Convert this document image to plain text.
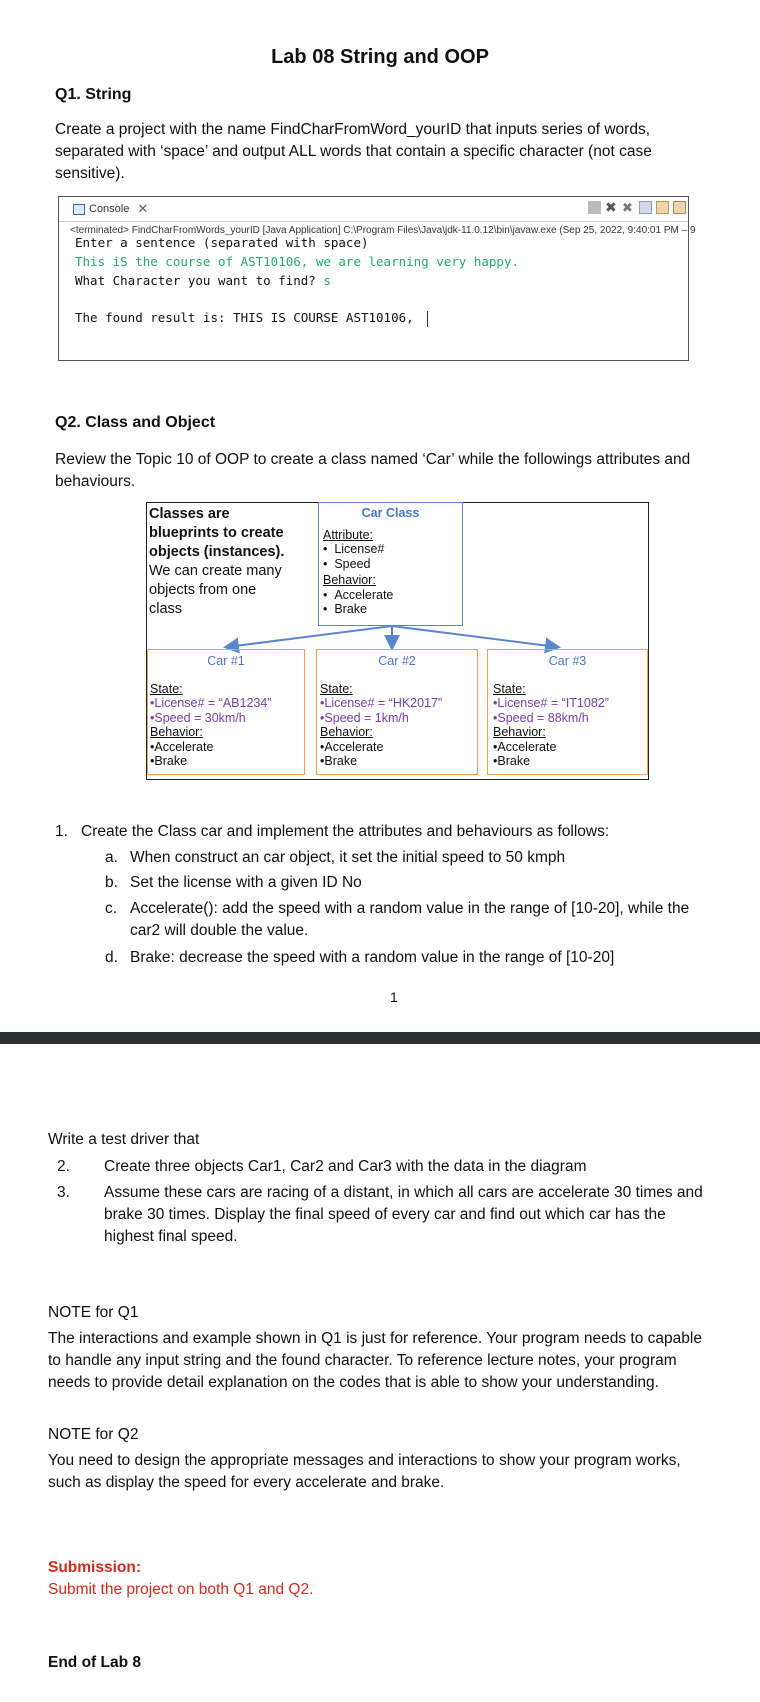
Lab 08 String and OOP
Q1. String
Create a project with the name FindCharFromWord_yourID that inputs series of words,
separated with ‘space’ and output ALL words that contain a specific character (not case
sensitive).
Console ✕	✖ ✖
<terminated> FindCharFromWords_yourID [Java Application] C:\Program Files\Java\jdk-11.0.12\bin\javaw.exe (Sep 25, 2022, 9:40:01 PM – 9
Enter a sentence (separated with space)
This iS the course of AST10106, we are learning very happy.
What Character you want to find? s
The found result is: THIS IS COURSE AST10106,
Q2. Class and Object
Review the Topic 10 of OOP to create a class named ‘Car’ while the followings attributes and
behaviours.
Classes are
blueprints to create
objects (instances).
We can create many
objects from one
class
Car Class
Attribute:
•  License#
•  Speed
Behavior:
•  Accelerate
•  Brake
Car #1
State:
•License# = “AB1234”
•Speed = 30km/h
Behavior:
•Accelerate
•Brake
Car #2
State:
•License# = “HK2017”
•Speed = 1km/h
Behavior:
•Accelerate
•Brake
Car #3
State:
•License# = “IT1082”
•Speed = 88km/h
Behavior:
•Accelerate
•Brake
1. Create the Class car and implement the attributes and behaviours as follows:
a. When construct an car object, it set the initial speed to 50 kmph
b. Set the license with a given ID No
c. Accelerate(): add the speed with a random value in the range of [10-20], while the
car2 will double the value.
d. Brake: decrease the speed with a random value in the range of [10-20]
1
Write a test driver that
2. Create three objects Car1, Car2 and Car3 with the data in the diagram
3. Assume these cars are racing of a distant, in which all cars are accelerate 30 times and
brake 30 times. Display the final speed of every car and find out which car has the
highest final speed.
NOTE for Q1
The interactions and example shown in Q1 is just for reference. Your program needs to capable
to handle any input string and the found character. To reference lecture notes, your program
needs to provide detail explanation on the codes that is able to show your understanding.
NOTE for Q2
You need to design the appropriate messages and interactions to show your program works,
such as display the speed for every accelerate and brake.
Submission:
Submit the project on both Q1 and Q2.
End of Lab 8
